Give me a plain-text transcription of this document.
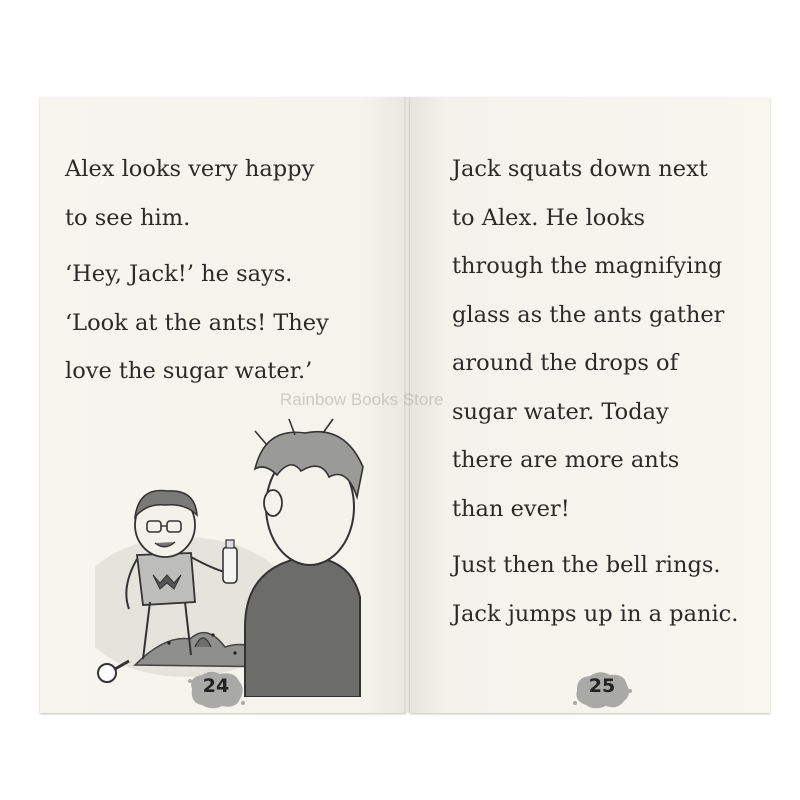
Alex looks very happy

to see him.

‘Hey, Jack!’ he says.

‘Look at the ants! They

love the sugar water.’

24

Jack squats down next

to Alex. He looks

through the magnifying

glass as the ants gather

around the drops of

sugar water. Today

there are more ants

than ever!

Just then the bell rings.

Jack jumps up in a panic.

25
Rainbow Books Store
